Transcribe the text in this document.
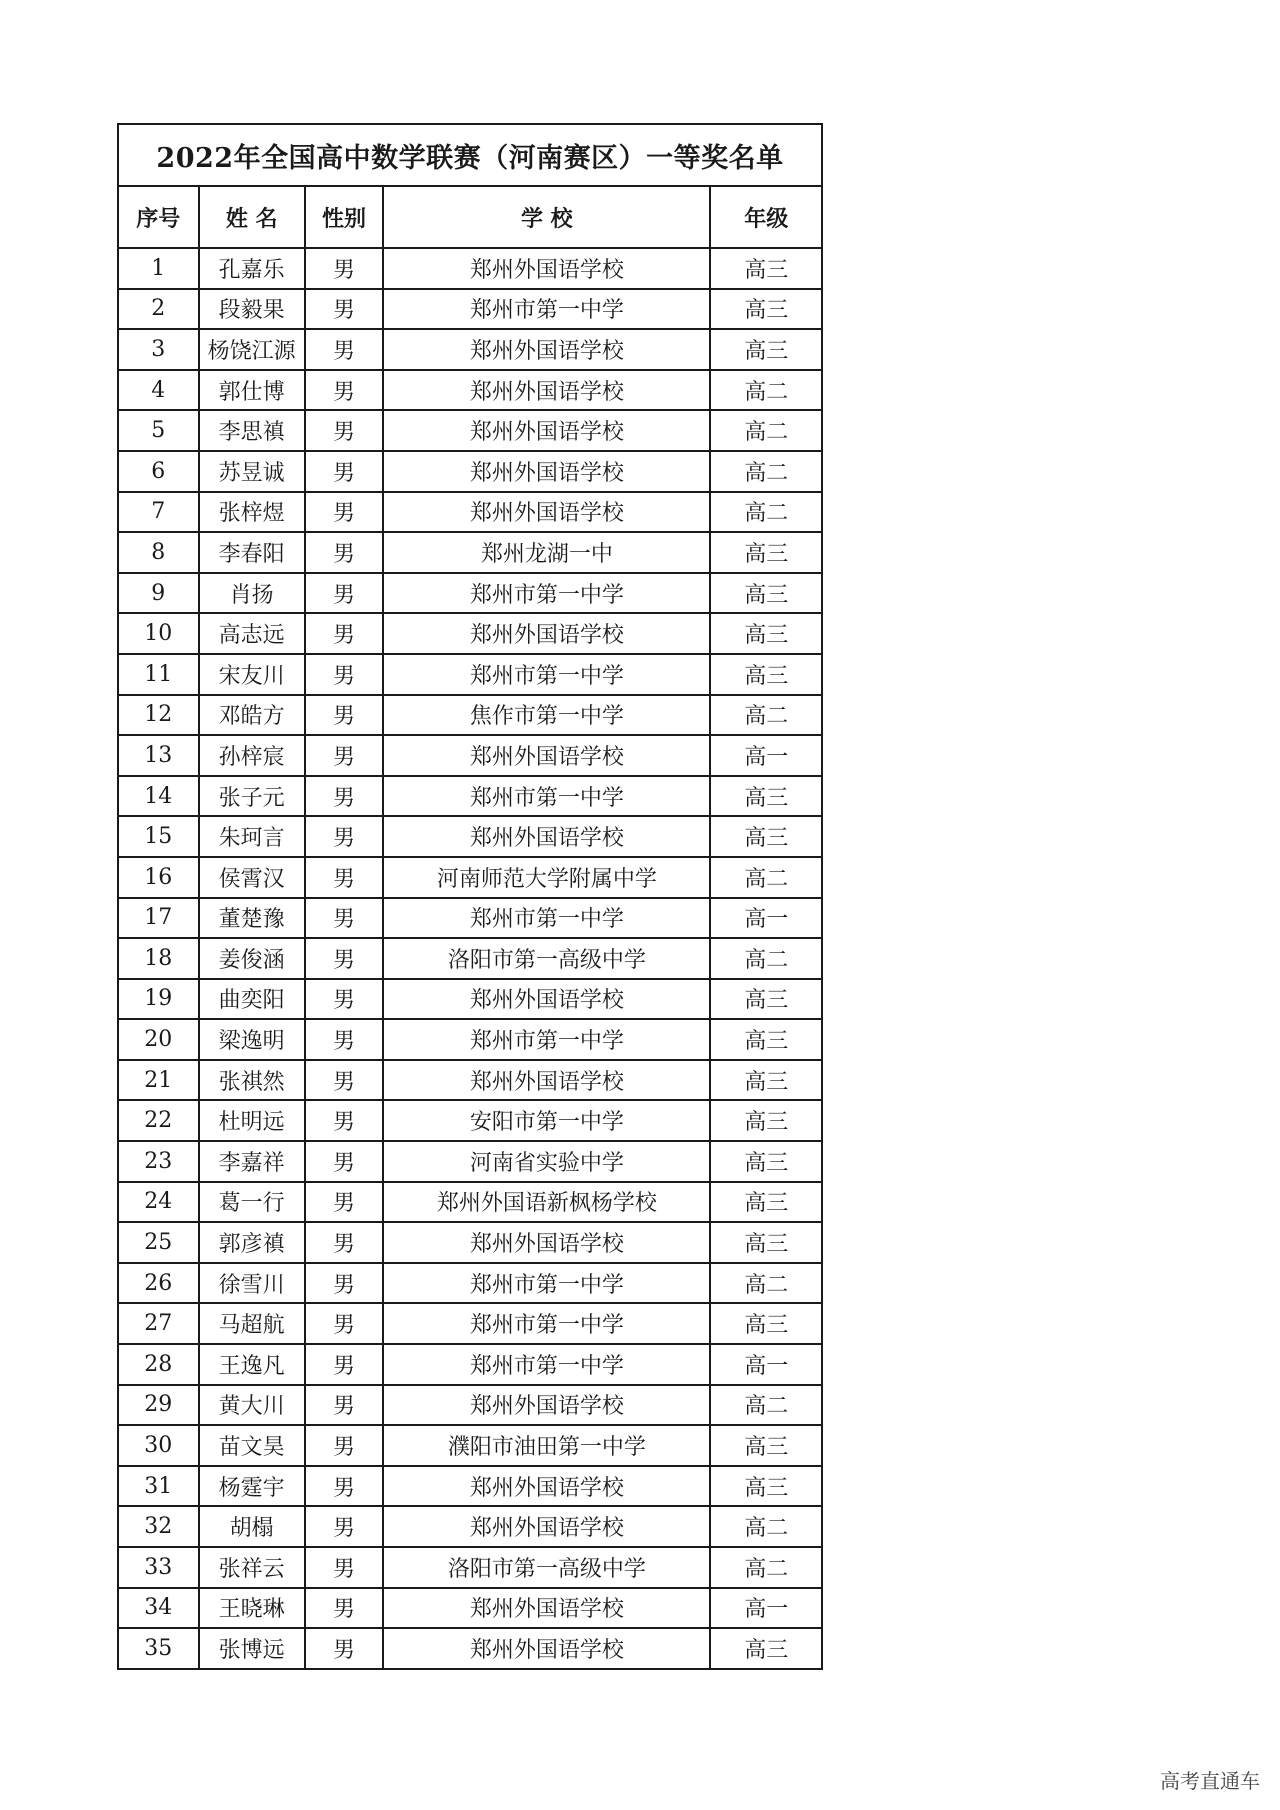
2022年全国高中数学联赛（河南赛区）一等奖名单				
序号	姓 名	性别	学 校	年级
1	孔嘉乐	男	郑州外国语学校	高三
2	段毅果	男	郑州市第一中学	高三
3	杨饶江源	男	郑州外国语学校	高三
4	郭仕博	男	郑州外国语学校	高二
5	李思禛	男	郑州外国语学校	高二
6	苏昱诚	男	郑州外国语学校	高二
7	张梓煜	男	郑州外国语学校	高二
8	李春阳	男	郑州龙湖一中	高三
9	肖扬	男	郑州市第一中学	高三
10	高志远	男	郑州外国语学校	高三
11	宋友川	男	郑州市第一中学	高三
12	邓皓方	男	焦作市第一中学	高二
13	孙梓宸	男	郑州外国语学校	高一
14	张子元	男	郑州市第一中学	高三
15	朱珂言	男	郑州外国语学校	高三
16	侯霄汉	男	河南师范大学附属中学	高二
17	董楚豫	男	郑州市第一中学	高一
18	姜俊涵	男	洛阳市第一高级中学	高二
19	曲奕阳	男	郑州外国语学校	高三
20	梁逸明	男	郑州市第一中学	高三
21	张祺然	男	郑州外国语学校	高三
22	杜明远	男	安阳市第一中学	高三
23	李嘉祥	男	河南省实验中学	高三
24	葛一行	男	郑州外国语新枫杨学校	高三
25	郭彦禛	男	郑州外国语学校	高三
26	徐雪川	男	郑州市第一中学	高二
27	马超航	男	郑州市第一中学	高三
28	王逸凡	男	郑州市第一中学	高一
29	黄大川	男	郑州外国语学校	高二
30	苗文昊	男	濮阳市油田第一中学	高三
31	杨霆宇	男	郑州外国语学校	高三
32	胡榻	男	郑州外国语学校	高二
33	张祥云	男	洛阳市第一高级中学	高二
34	王晓琳	男	郑州外国语学校	高一
35	张博远	男	郑州外国语学校	高三
高考直通车
